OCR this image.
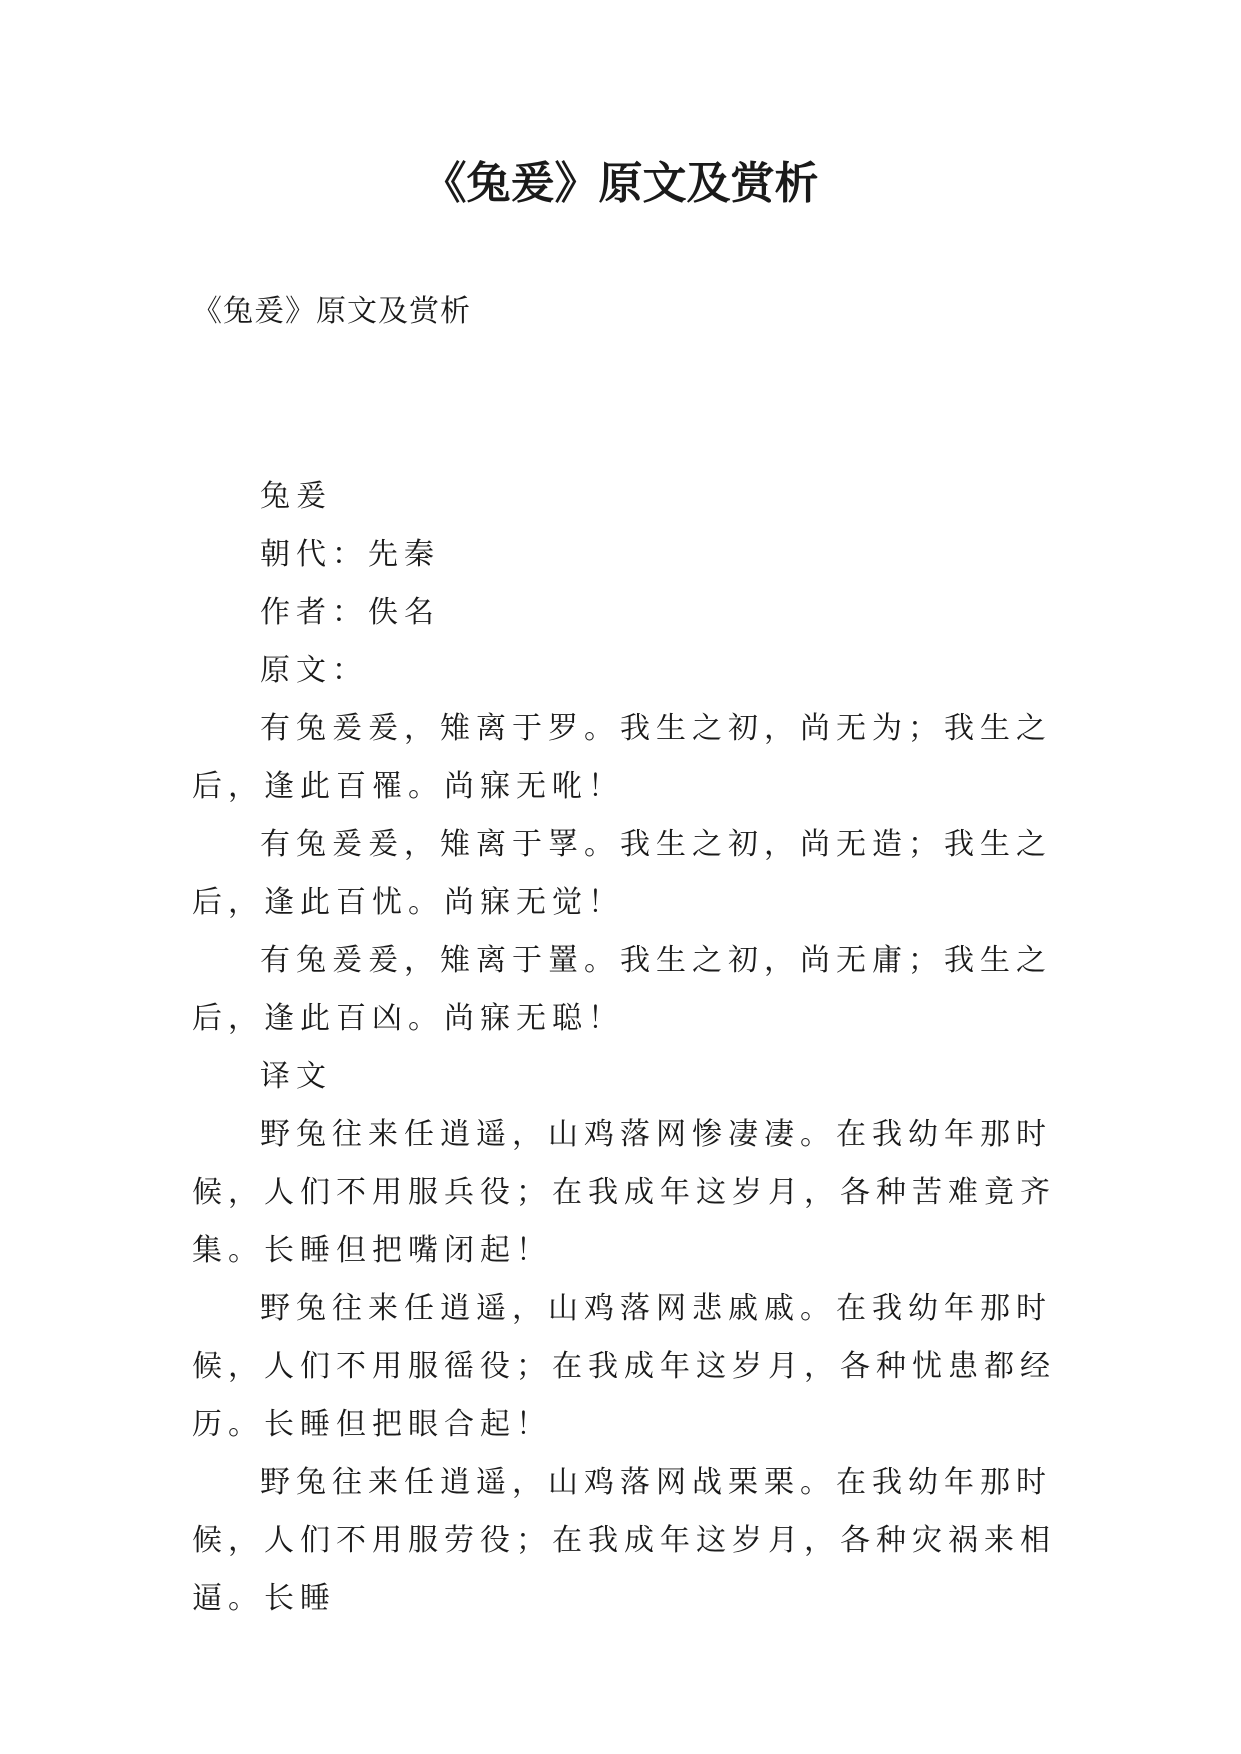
《兔爰》原文及赏析

《兔爰》原文及赏析

兔爰

朝代：先秦

作者：佚名

原文：

有兔爰爰，雉离于罗。我生之初，尚无为；我生之后，逢此百罹。尚寐无吪！

有兔爰爰，雉离于罦。我生之初，尚无造；我生之后，逢此百忧。尚寐无觉！

有兔爰爰，雉离于罿。我生之初，尚无庸；我生之后，逢此百凶。尚寐无聪！

译文

野兔往来任逍遥，山鸡落网惨凄凄。在我幼年那时候，人们不用服兵役；在我成年这岁月，各种苦难竟齐集。长睡但把嘴闭起！

野兔往来任逍遥，山鸡落网悲戚戚。在我幼年那时候，人们不用服徭役；在我成年这岁月，各种忧患都经历。长睡但把眼合起！

野兔往来任逍遥，山鸡落网战栗栗。在我幼年那时候，人们不用服劳役；在我成年这岁月，各种灾祸来相逼。长睡
